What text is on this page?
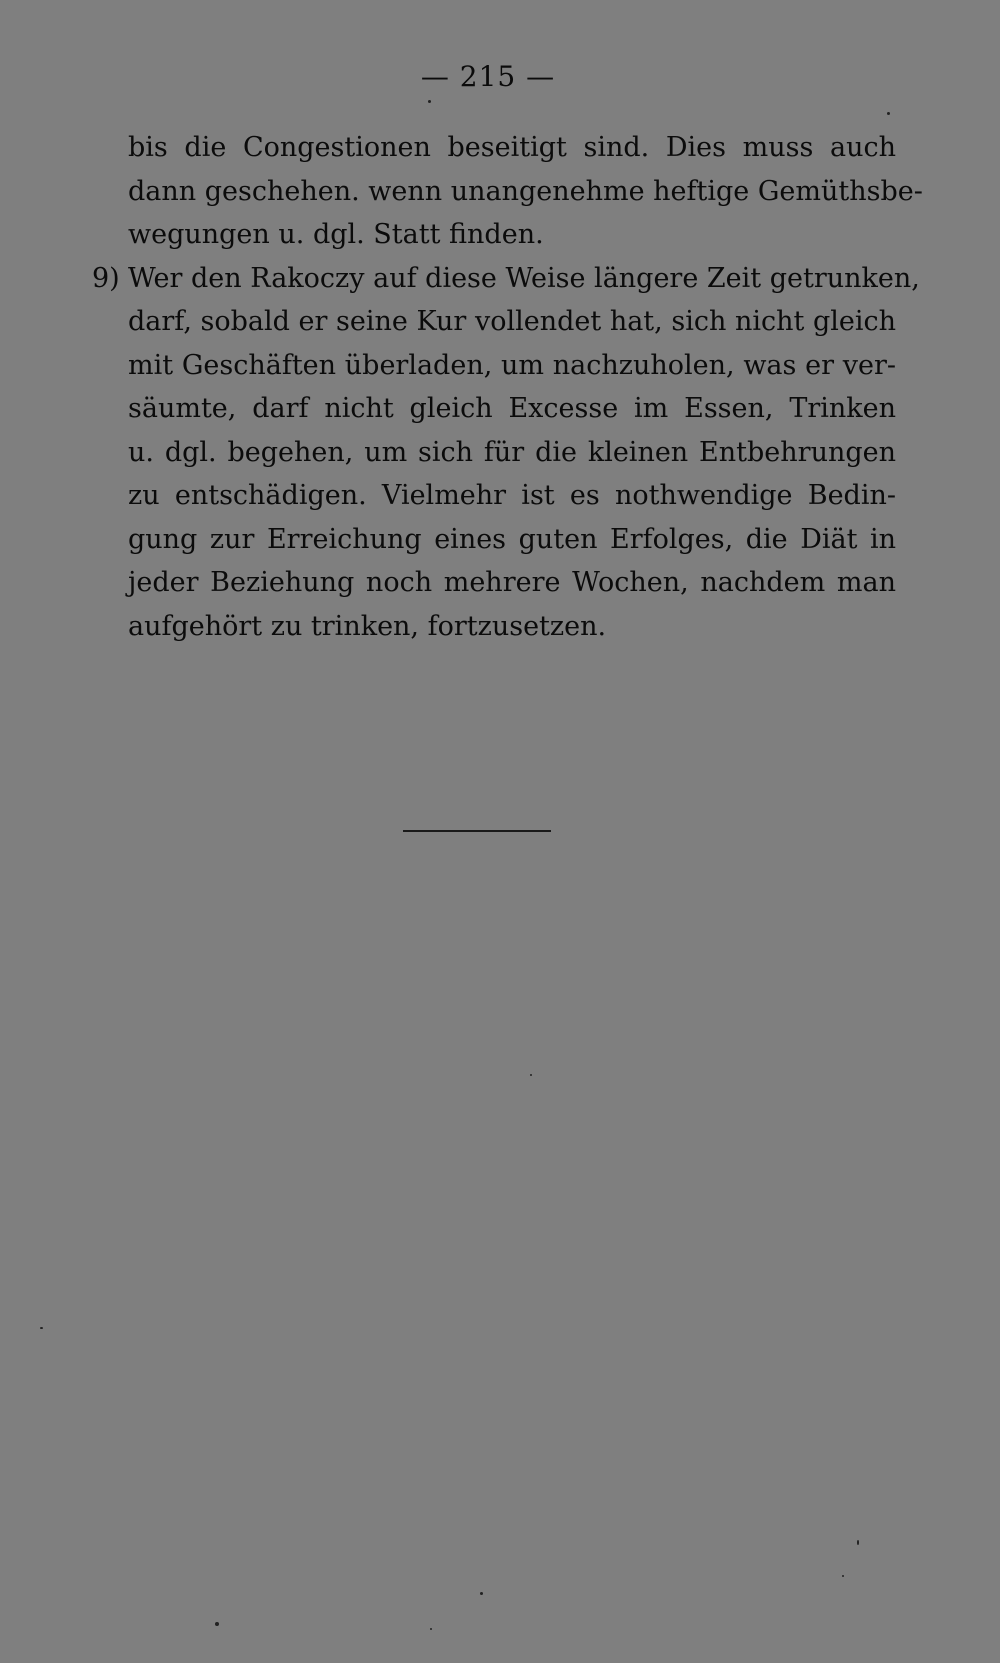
— 215 —
bis die Congestionen beseitigt sind. Dies muss auch
dann geschehen. wenn unangenehme heftige Gemüthsbe-
wegungen u. dgl. Statt finden.
9) Wer den Rakoczy auf diese Weise längere Zeit getrunken,
darf, sobald er seine Kur vollendet hat, sich nicht gleich
mit Geschäften überladen, um nachzuholen, was er ver-
säumte, darf nicht gleich Excesse im Essen, Trinken
u. dgl. begehen, um sich für die kleinen Entbehrungen
zu entschädigen. Vielmehr ist es nothwendige Bedin-
gung zur Erreichung eines guten Erfolges, die Diät in
jeder Beziehung noch mehrere Wochen, nachdem man
aufgehört zu trinken, fortzusetzen.
